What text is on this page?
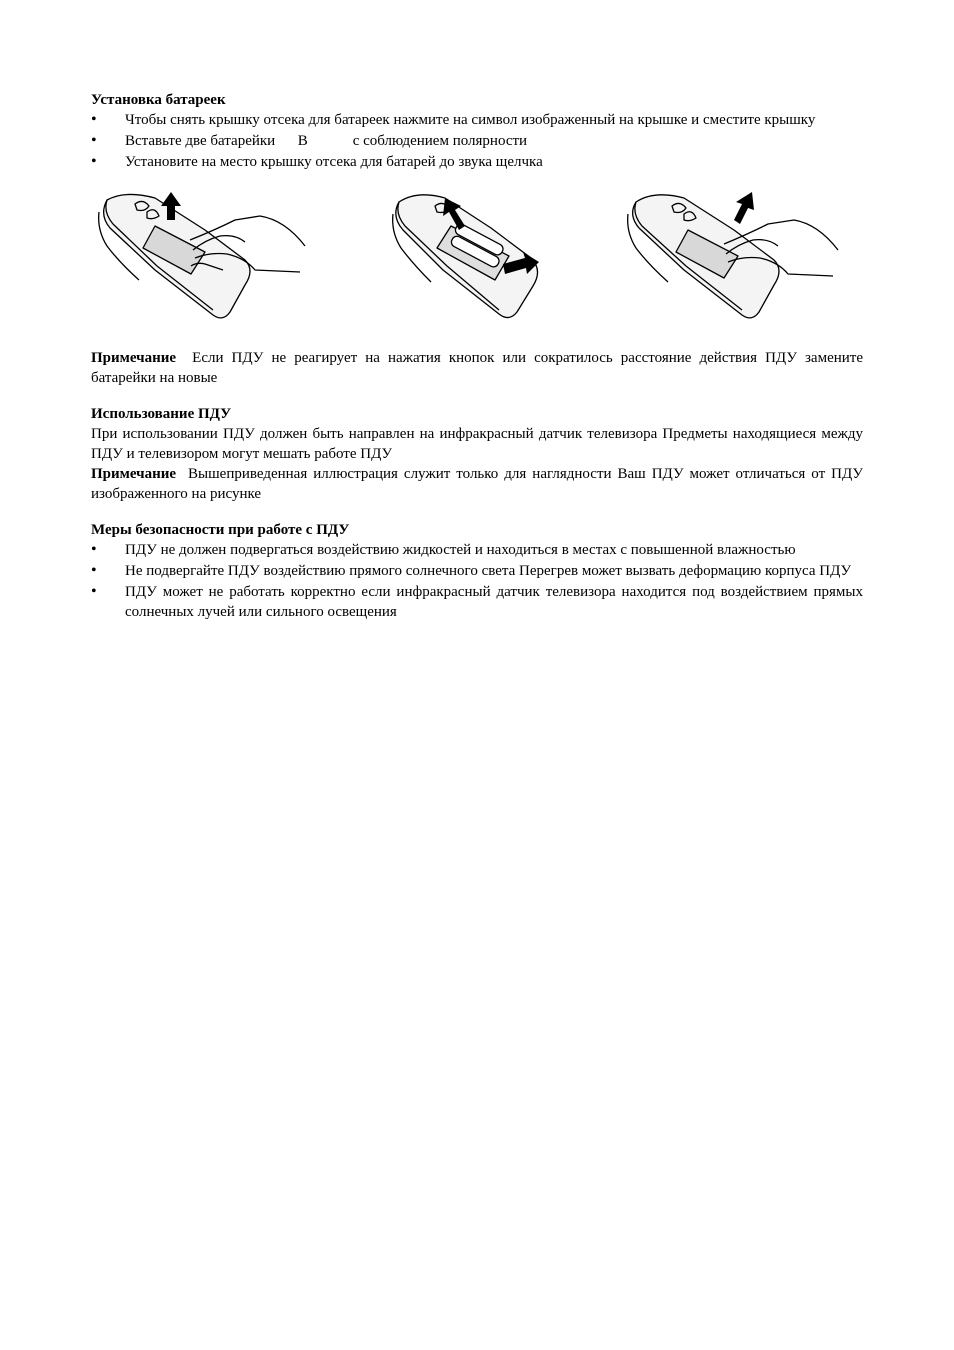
Установка батареек

• Чтобы снять крышку отсека для батареек нажмите на символ изображенный на крышке и сместите крышку
• Вставьте две батарейки      В            с соблюдением полярности
• Установите на место крышку отсека для батарей до звука щелчка

Примечание Если ПДУ не реагирует на нажатия кнопок или сократилось расстояние действия ПДУ замените батарейки на новые

Использование ПДУ

При использовании ПДУ должен быть направлен на инфракрасный датчик телевизора Предметы находящиеся между ПДУ и телевизором могут мешать работе ПДУ

Примечание Вышеприведенная иллюстрация служит только для наглядности Ваш ПДУ может отличаться от ПДУ изображенного на рисунке

Меры безопасности при работе с ПДУ

• ПДУ не должен подвергаться воздействию жидкостей и находиться в местах с повышенной влажностью
• Не подвергайте ПДУ воздействию прямого солнечного света Перегрев может вызвать деформацию корпуса ПДУ
• ПДУ может не работать корректно если инфракрасный датчик телевизора находится под воздействием прямых солнечных лучей или сильного освещения
